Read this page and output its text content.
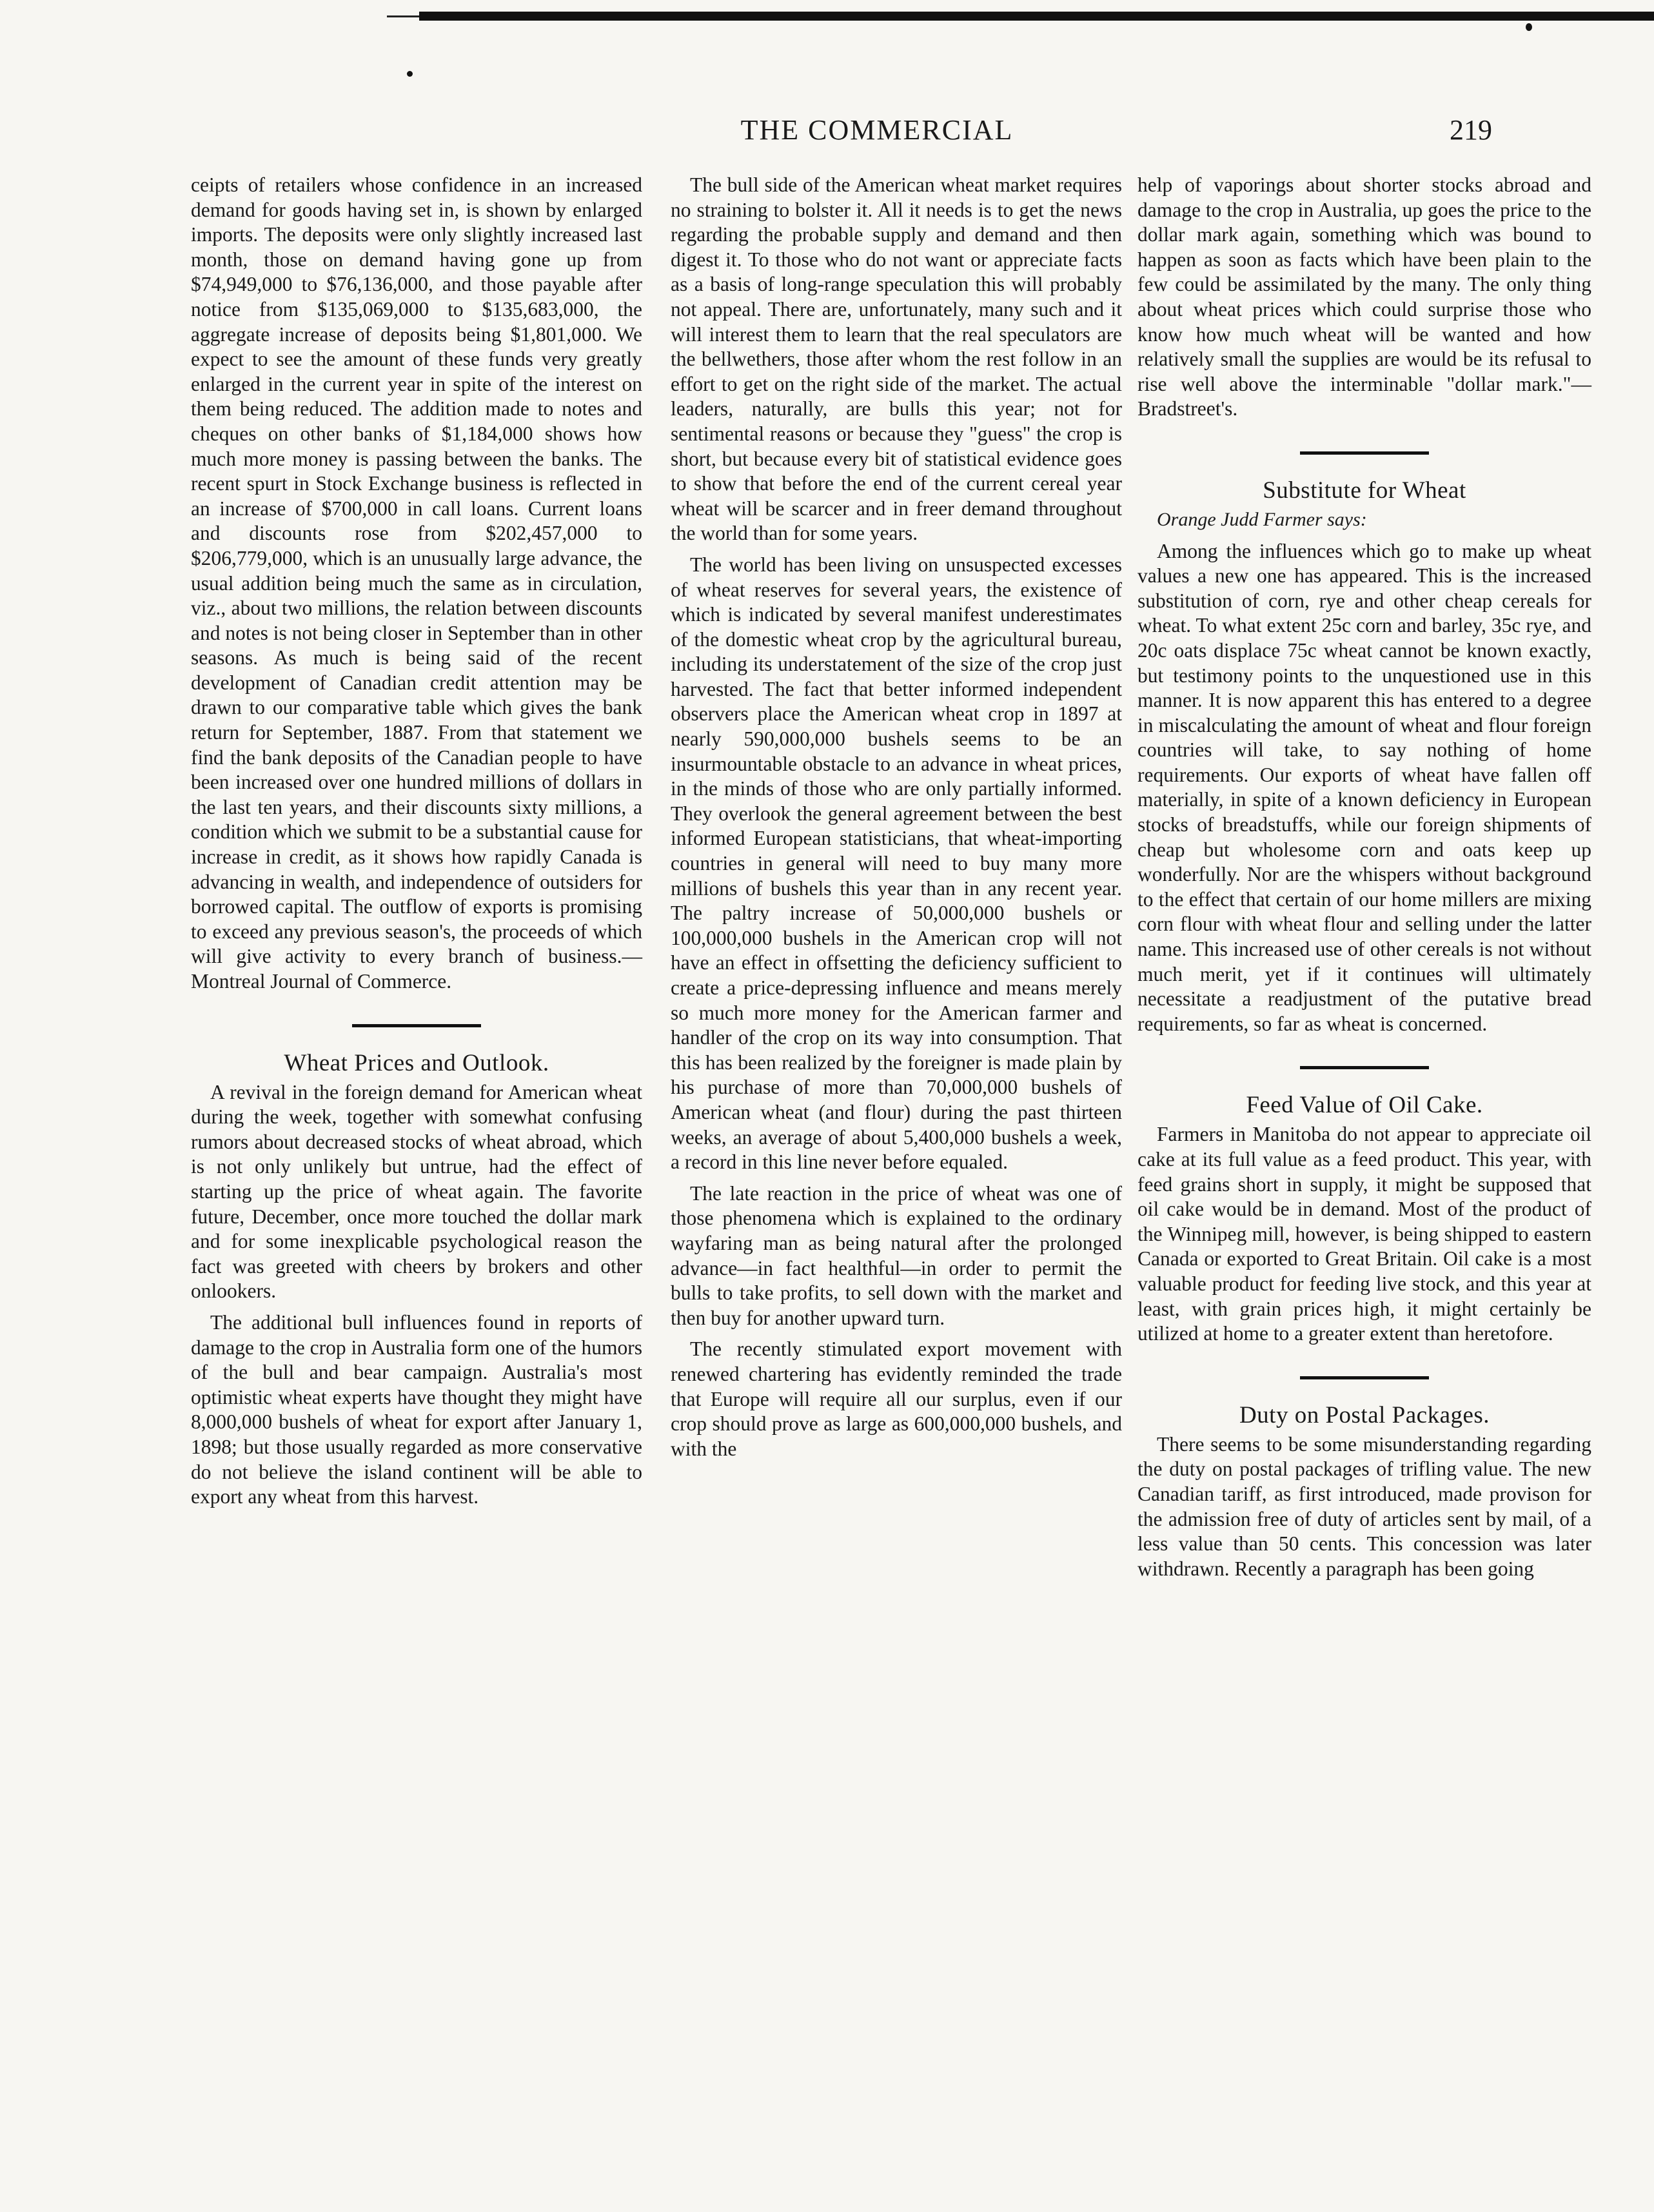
THE COMMERCIAL	219

ceipts of retailers whose confidence in an increased demand for goods having set in, is shown by enlarged imports. The deposits were only slightly increased last month, those on demand having gone up from $74,949,000 to $76,136,000, and those payable after notice from $135,069,000 to $135,683,000, the aggregate increase of deposits being $1,801,000. We expect to see the amount of these funds very greatly enlarged in the current year in spite of the interest on them being reduced. The addition made to notes and cheques on other banks of $1,184,000 shows how much more money is passing between the banks. The recent spurt in Stock Exchange business is reflected in an increase of $700,000 in call loans. Current loans and discounts rose from $202,457,000 to $206,779,000, which is an unusually large advance, the usual addition being much the same as in circulation, viz., about two millions, the relation between discounts and notes is not being closer in September than in other seasons. As much is being said of the recent development of Canadian credit attention may be drawn to our comparative table which gives the bank return for September, 1887. From that statement we find the bank deposits of the Canadian people to have been increased over one hundred millions of dollars in the last ten years, and their discounts sixty millions, a condition which we submit to be a substantial cause for increase in credit, as it shows how rapidly Canada is advancing in wealth, and independence of outsiders for borrowed capital. The outflow of exports is promising to exceed any previous season's, the proceeds of which will give activity to every branch of business.—Montreal Journal of Commerce.

Wheat Prices and Outlook.

A revival in the foreign demand for American wheat during the week, together with somewhat confusing rumors about decreased stocks of wheat abroad, which is not only unlikely but untrue, had the effect of starting up the price of wheat again. The favorite future, December, once more touched the dollar mark and for some inexplicable psychological reason the fact was greeted with cheers by brokers and other onlookers.

The additional bull influences found in reports of damage to the crop in Australia form one of the humors of the bull and bear campaign. Australia's most optimistic wheat experts have thought they might have 8,000,000 bushels of wheat for export after January 1, 1898; but those usually regarded as more conservative do not believe the island continent will be able to export any wheat from this harvest.

The bull side of the American wheat market requires no straining to bolster it. All it needs is to get the news regarding the probable supply and demand and then digest it. To those who do not want or appreciate facts as a basis of long-range speculation this will probably not appeal. There are, unfortunately, many such and it will interest them to learn that the real speculators are the bellwethers, those after whom the rest follow in an effort to get on the right side of the market. The actual leaders, naturally, are bulls this year; not for sentimental reasons or because they "guess" the crop is short, but because every bit of statistical evidence goes to show that before the end of the current cereal year wheat will be scarcer and in freer demand throughout the world than for some years.

The world has been living on unsuspected excesses of wheat reserves for several years, the existence of which is indicated by several manifest underestimates of the domestic wheat crop by the agricultural bureau, including its understatement of the size of the crop just harvested. The fact that better informed independent observers place the American wheat crop in 1897 at nearly 590,000,000 bushels seems to be an insurmountable obstacle to an advance in wheat prices, in the minds of those who are only partially informed. They overlook the general agreement between the best informed European statisticians, that wheat-importing countries in general will need to buy many more millions of bushels this year than in any recent year. The paltry increase of 50,000,000 bushels or 100,000,000 bushels in the American crop will not have an effect in offsetting the deficiency sufficient to create a price-depressing influence and means merely so much more money for the American farmer and handler of the crop on its way into consumption. That this has been realized by the foreigner is made plain by his purchase of more than 70,000,000 bushels of American wheat (and flour) during the past thirteen weeks, an average of about 5,400,000 bushels a week, a record in this line never before equaled.

The late reaction in the price of wheat was one of those phenomena which is explained to the ordinary wayfaring man as being natural after the prolonged advance—in fact healthful—in order to permit the bulls to take profits, to sell down with the market and then buy for another upward turn.

The recently stimulated export movement with renewed chartering has evidently reminded the trade that Europe will require all our surplus, even if our crop should prove as large as 600,000,000 bushels, and with the

help of vaporings about shorter stocks abroad and damage to the crop in Australia, up goes the price to the dollar mark again, something which was bound to happen as soon as facts which have been plain to the few could be assimilated by the many. The only thing about wheat prices which could surprise those who know how much wheat will be wanted and how relatively small the supplies are would be its refusal to rise well above the interminable "dollar mark."— Bradstreet's.

Substitute for Wheat

Orange Judd Farmer says:

Among the influences which go to make up wheat values a new one has appeared. This is the increased substitution of corn, rye and other cheap cereals for wheat. To what extent 25c corn and barley, 35c rye, and 20c oats displace 75c wheat cannot be known exactly, but testimony points to the unquestioned use in this manner. It is now apparent this has entered to a degree in miscalculating the amount of wheat and flour foreign countries will take, to say nothing of home requirements. Our exports of wheat have fallen off materially, in spite of a known deficiency in European stocks of breadstuffs, while our foreign shipments of cheap but wholesome corn and oats keep up wonderfully. Nor are the whispers without background to the effect that certain of our home millers are mixing corn flour with wheat flour and selling under the latter name. This increased use of other cereals is not without much merit, yet if it continues will ultimately necessitate a readjustment of the putative bread requirements, so far as wheat is concerned.

Feed Value of Oil Cake.

Farmers in Manitoba do not appear to appreciate oil cake at its full value as a feed product. This year, with feed grains short in supply, it might be supposed that oil cake would be in demand. Most of the product of the Winnipeg mill, however, is being shipped to eastern Canada or exported to Great Britain. Oil cake is a most valuable product for feeding live stock, and this year at least, with grain prices high, it might certainly be utilized at home to a greater extent than heretofore.

Duty on Postal Packages.

There seems to be some misunderstanding regarding the duty on postal packages of trifling value. The new Canadian tariff, as first introduced, made provison for the admission free of duty of articles sent by mail, of a less value than 50 cents. This concession was later withdrawn. Recently a paragraph has been going
